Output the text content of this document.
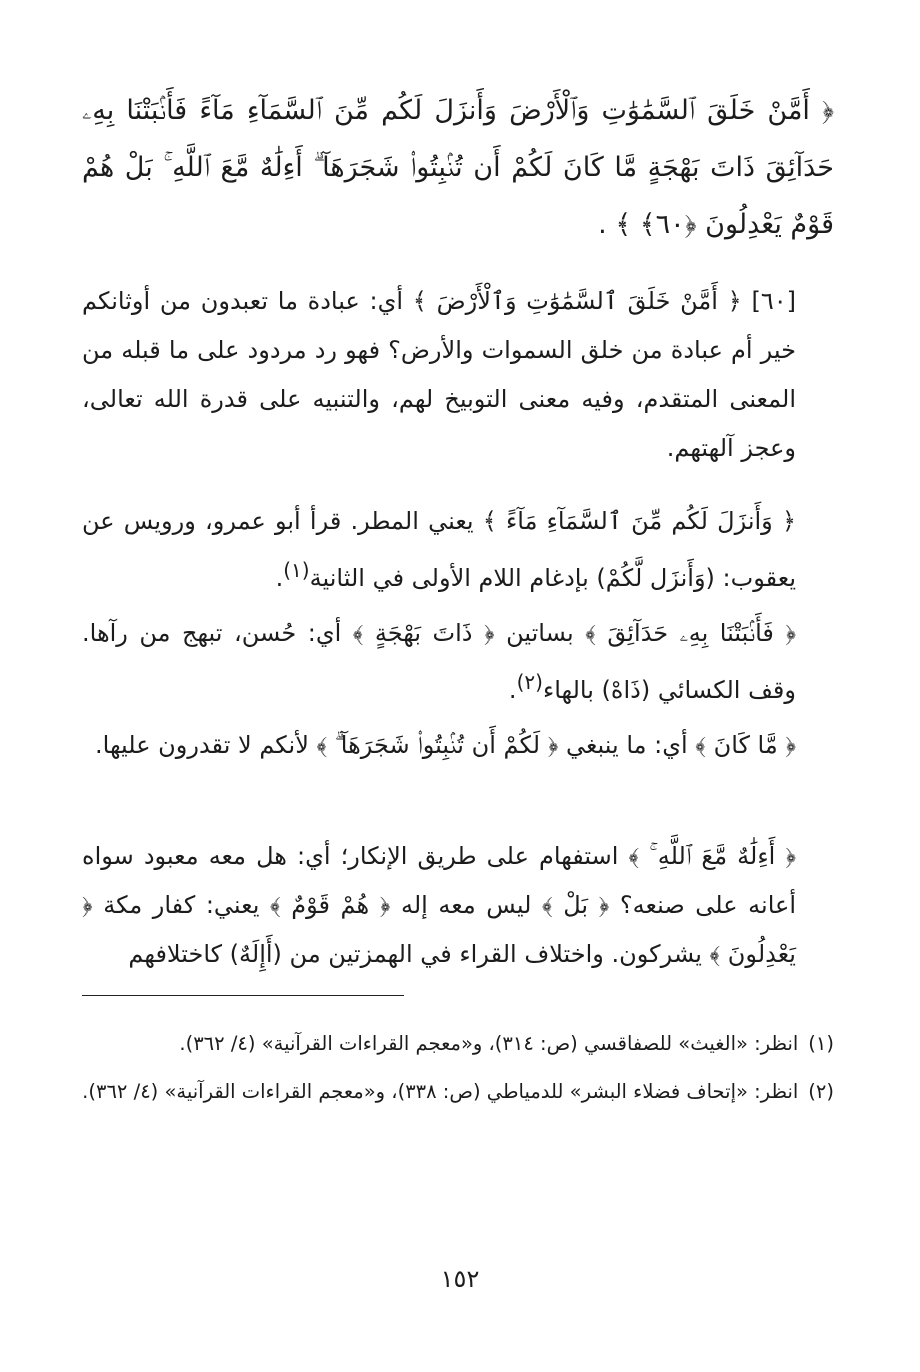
﴿ أَمَّنْ خَلَقَ ٱلسَّمَٰوَٰتِ وَٱلْأَرْضَ وَأَنزَلَ لَكُم مِّنَ ٱلسَّمَآءِ مَآءً فَأَنۢبَتْنَا بِهِۦ حَدَآئِقَ ذَاتَ بَهْجَةٍ مَّا كَانَ لَكُمْ أَن تُنۢبِتُوا۟ شَجَرَهَآ ۗ أَءِلَٰهٌ مَّعَ ٱللَّهِ ۚ بَلْ هُمْ قَوْمٌ يَعْدِلُونَ ﴿٦٠﴾ ﴾ .
[٦٠] ﴿ أَمَّنْ خَلَقَ ٱلسَّمَٰوَٰتِ وَٱلْأَرْضَ ﴾ أي: عبادة ما تعبدون من أوثانكم خير أم عبادة من خلق السموات والأرض؟ فهو رد مردود على ما قبله من المعنى المتقدم، وفيه معنى التوبيخ لهم، والتنبيه على قدرة الله تعالى، وعجز آلهتهم.
﴿ وَأَنزَلَ لَكُم مِّنَ ٱلسَّمَآءِ مَآءً ﴾ يعني المطر. قرأ أبو عمرو، ورويس عن يعقوب: (وَأَنزَل لَّكُمْ) بإدغام اللام الأولى في الثانية$^{(١)}$.
﴿ فَأَنۢبَتْنَا بِهِۦ حَدَآئِقَ ﴾ بساتين ﴿ ذَاتَ بَهْجَةٍ ﴾ أي: حُسن، تبهج من رآها. وقف الكسائي (ذَاهْ) بالهاء$^{(٢)}$.
﴿ مَّا كَانَ ﴾ أي: ما ينبغي ﴿ لَكُمْ أَن تُنۢبِتُوا۟ شَجَرَهَآ ۗ ﴾ لأنكم لا تقدرون عليها.
﴿ أَءِلَٰهٌ مَّعَ ٱللَّهِ ۚ ﴾ استفهام على طريق الإنكار؛ أي: هل معه معبود سواه أعانه على صنعه؟ ﴿ بَلْ ﴾ ليس معه إله ﴿ هُمْ قَوْمٌ ﴾ يعني: كفار مكة ﴿ يَعْدِلُونَ ﴾ يشركون. واختلاف القراء في الهمزتين من (أَإِلَهٌ) كاختلافهم
(١)انظر: «الغيث» للصفاقسي (ص: ٣١٤)، و«معجم القراءات القرآنية» (٤/ ٣٦٢).
(٢)انظر: «إتحاف فضلاء البشر» للدمياطي (ص: ٣٣٨)، و«معجم القراءات القرآنية» (٤/ ٣٦٢).
١٥٢
